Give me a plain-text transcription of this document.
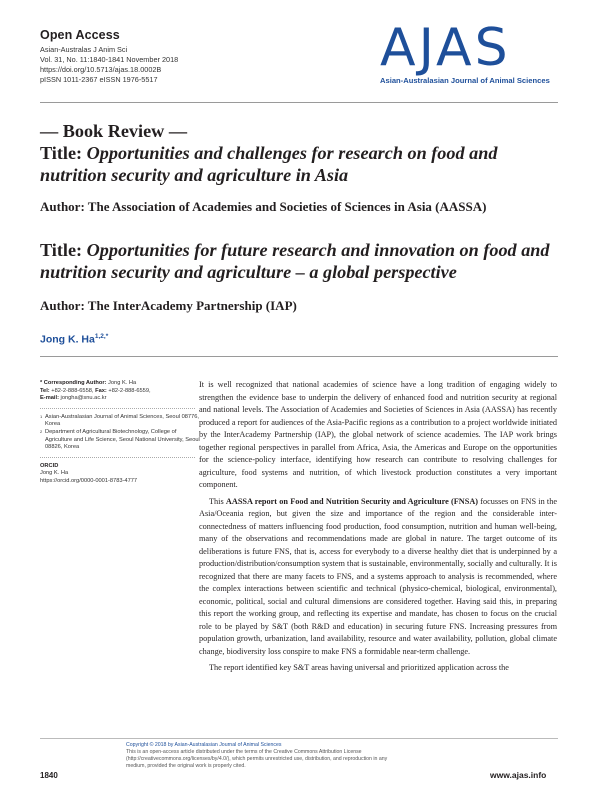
Open Access
Asian-Australas J Anim Sci
Vol. 31, No. 11:1840-1841 November 2018
https://doi.org/10.5713/ajas.18.0002B
pISSN 1011-2367 eISSN 1976-5517
AJAS
Asian-Australasian Journal of Animal Sciences
— Book Review —
Title: Opportunities and challenges for research on food and nutrition security and agriculture in Asia
Author: The Association of Academies and Societies of Sciences in Asia (AASSA)
Title: Opportunities for future research and innovation on food and nutrition security and agriculture – a global perspective
Author: The InterAcademy Partnership (IAP)
Jong K. $Ha^{1,2,*}$
* Corresponding Author: Jong K. Ha
Tel: +82-2-888-6558, Fax: +82-2-888-6559,
E-mail: jongha@snu.ac.kr
1 Asian-Australasian Journal of Animal Sciences, Seoul 08776, Korea
2 Department of Agricultural Biotechnology, College of Agriculture and Life Science, Seoul National University, Seoul 08826, Korea
ORCID
Jong K. Ha
https://orcid.org/0000-0001-8783-4777

It is well recognized that national academies of science have a long tradition of engaging widely to strengthen the evidence base to underpin the delivery of enhanced food and nutrition security at regional and national levels. The Association of Academies and Societies of Sciences in Asia (AASSA) has recently produced a report for audiences of the Asia-Pacific regions as a contribution to a project worldwide initiated by the InterAcademy Partnership (IAP), the global network of science academies. The IAP work brings together regional perspectives in parallel from Africa, Asia, the Americas and Europe on the opportunities for the science-policy interface, identifying how research can contribute to resolving challenges for agriculture, food systems and nutrition, of which livestock production constitutes a very important component.

This AASSA report on Food and Nutrition Security and Agriculture (FNSA) focusses on FNS in the Asia/Oceania region, but given the size and importance of the region and the considerable inter-connectedness of matters influencing food production, food consumption, nutrition and human well-being, many of the observations and recommendations made are global in nature. The target outcome of its deliberations is future FNS, that is, access for everybody to a diverse healthy diet that is underpinned by a production/distribution/consumption system that is sustainable, environmentally, socially and culturally. It is recognized that there are many facets to FNS, and a systems approach to analysis is recommended, where the complex interactions between scientific and technical (physico-chemical, biological, environmental), economic, political, social and cultural dimensions are considered together. Having said this, in preparing this report the working group, and reflecting its expertise and mandate, has chosen to focus on the crucial role to be played by S&T (both R&D and education) in securing future FNS. Increasing pressures from population growth, urbanization, land availability, resource and water availability, pollution, global climate change, biodiversity loss conspire to make FNS a formidable near-term challenge.

The report identified key S&T areas having universal and prioritized application across the

Copyright © 2018 by Asian-Australasian Journal of Animal Sciences
This is an open-access article distributed under the terms of the Creative Commons Attribution License (http://creativecommons.org/licenses/by/4.0/), which permits unrestricted use, distribution, and reproduction in any medium, provided the original work is properly cited.
1840	www.ajas.info
